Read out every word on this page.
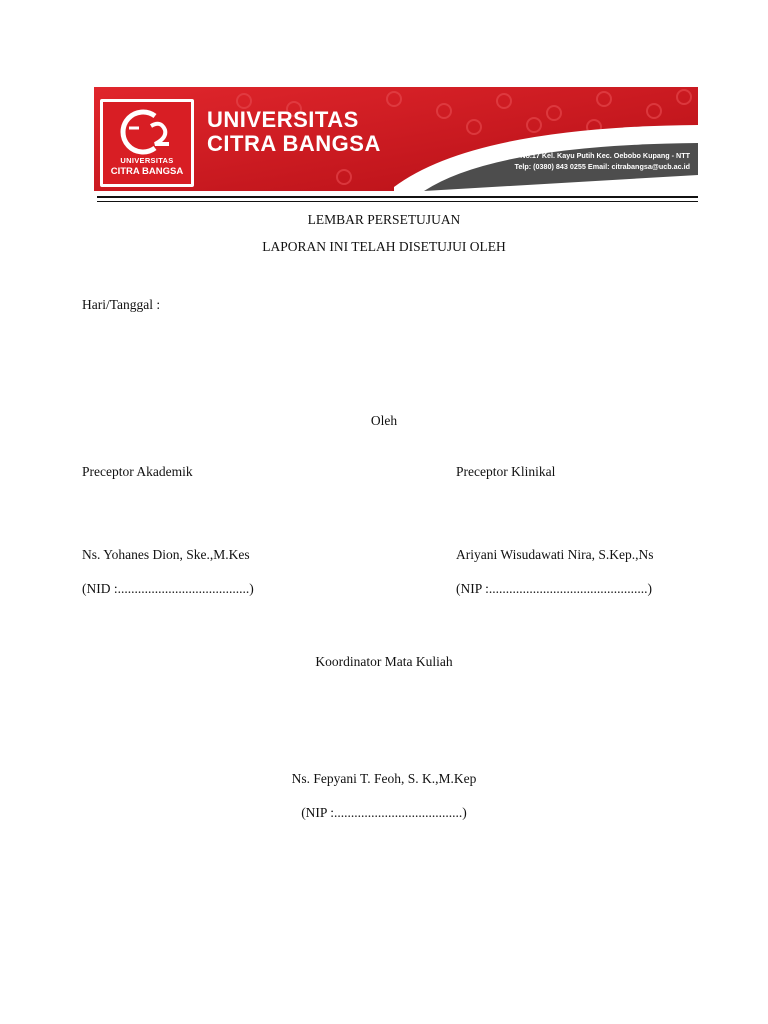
UNIVERSITAS
CITRA BANGSA
UNIVERSITAS
CITRA BANGSA	Jl. Manafe No.17 Kel. Kayu Putih Kec. Oebobo Kupang - NTT
Telp: (0380) 843 0255 Email: citrabangsa@ucb.ac.id
LEMBAR PERSETUJUAN
LAPORAN INI TELAH DISETUJUI OLEH
Hari/Tanggal :
Oleh
Preceptor Akademik	Preceptor Klinikal
Ns. Yohanes Dion, Ske.,M.Kes	Ariyani Wisudawati Nira, S.Kep.,Ns
(NID :.......................................)	(NIP :...............................................)
Koordinator Mata Kuliah
Ns. Fepyani T. Feoh, S. K.,M.Kep
(NIP :......................................)
